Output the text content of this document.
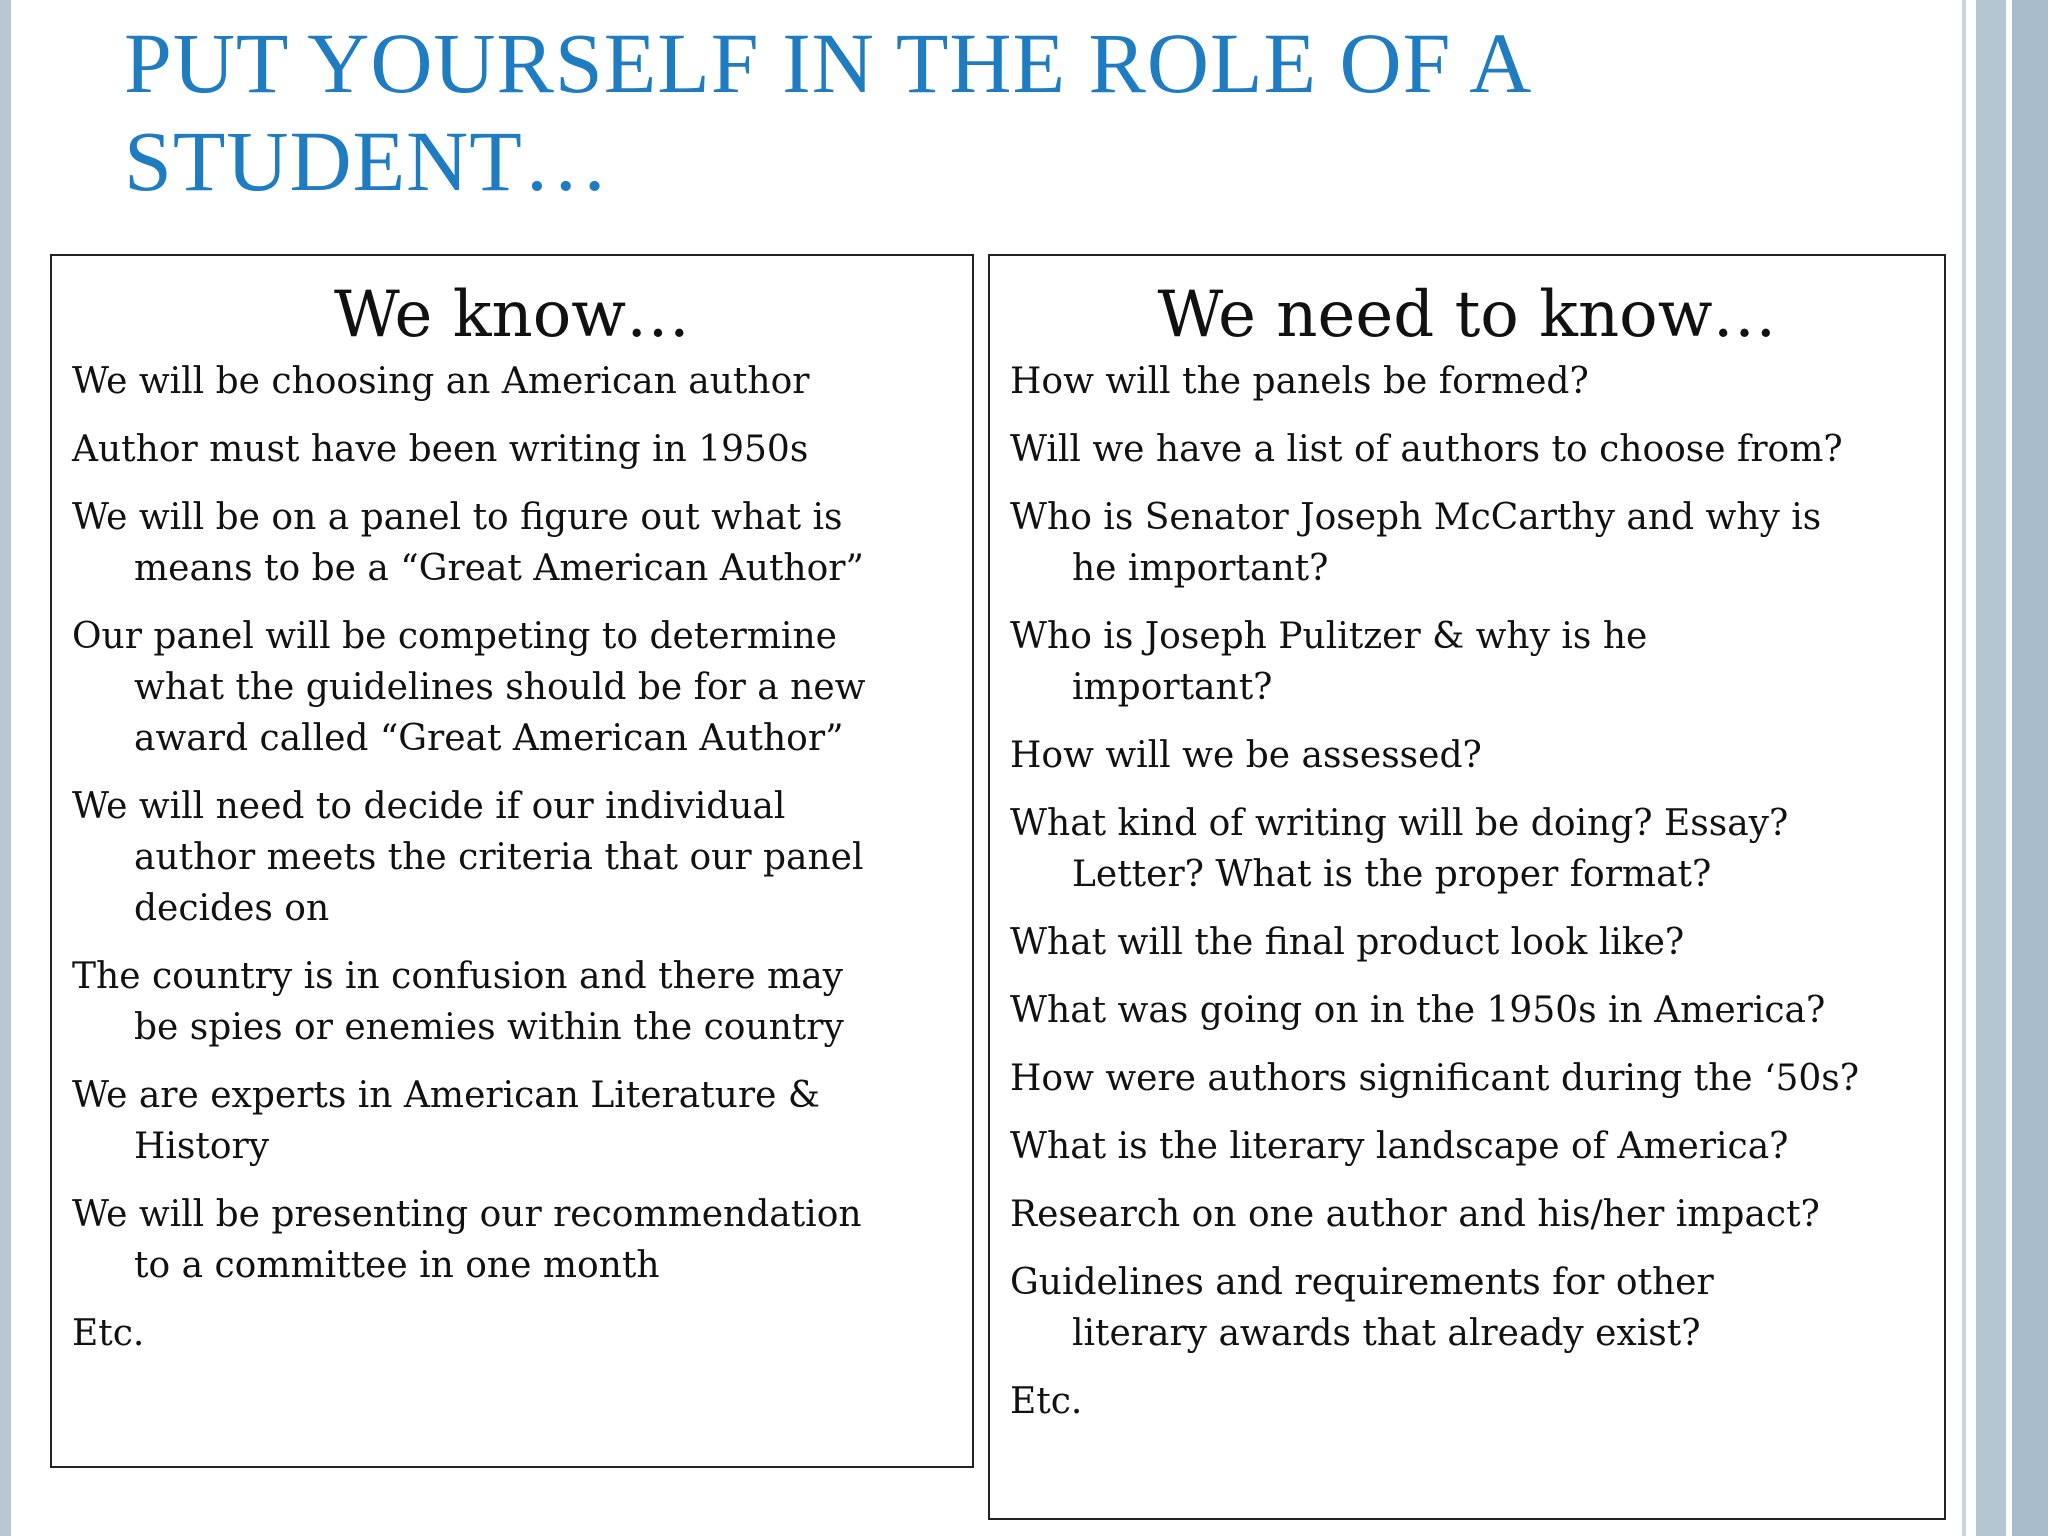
PUT YOURSELF IN THE ROLE OF A
STUDENT…
We know…
We will be choosing an American author
Author must have been writing in 1950s
We will be on a panel to figure out what is
means to be a “Great American Author”
Our panel will be competing to determine
what the guidelines should be for a new
award called “Great American Author”
We will need to decide if our individual
author meets the criteria that our panel
decides on
The country is in confusion and there may
be spies or enemies within the country
We are experts in American Literature &
History
We will be presenting our recommendation
to a committee in one month
Etc.
We need to know…
How will the panels be formed?
Will we have a list of authors to choose from?
Who is Senator Joseph McCarthy and why is
he important?
Who is Joseph Pulitzer & why is he
important?
How will we be assessed?
What kind of writing will be doing? Essay?
Letter? What is the proper format?
What will the final product look like?
What was going on in the 1950s in America?
How were authors significant during the ‘50s?
What is the literary landscape of America?
Research on one author and his/her impact?
Guidelines and requirements for other
literary awards that already exist?
Etc.
